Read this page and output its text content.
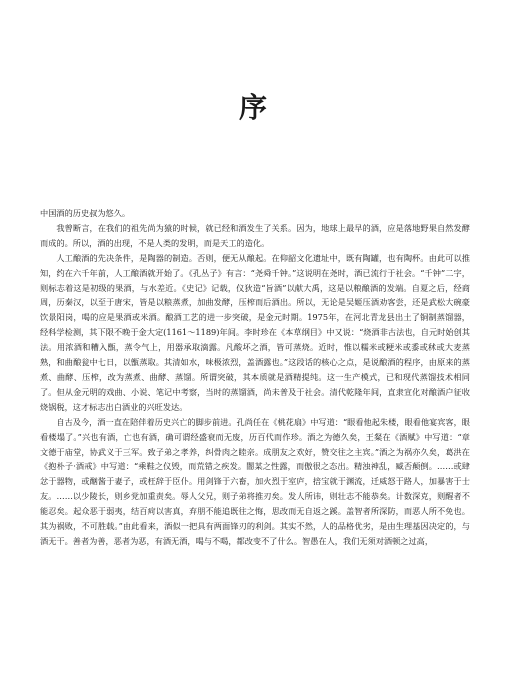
序

中国酒的历史叔为悠久。

我曾断言，在我们的祖先尚为猿的时候，就已经和酒发生了关系。因为，地球上最早的酒，应是落地野果自然发酵而成的。所以，酒的出现，不是人类的发明，而是天工的造化。

人工酿酒的先决条件，是陶器的制造。否则，便无从酿起。在仰韶文化遗址中，既有陶罐，也有陶杯。由此可以推知，约在六千年前，人工酿酒就开始了。《孔丛子》有言：“尧舜千钟。”这说明在尧时，酒已流行于社会。“千钟”二字，则标志着这是初级的果酒，与水差近。《史记》记载，仪狄造“旨酒”以献大禹，这是以粮酿酒的发端。自夏之后，经商周，历秦汉，以至于唐宋，皆是以粮蒸煮，加曲发酵，压榨而后酒出。所以，无论是吴姬压酒劝客尝，还是武松大碗豪饮景阳岗，喝的应是果酒或米酒。酿酒工艺的进一步突破，是金元时期。1975年，在河北青龙县出土了铜制蒸馏器，经科学检测，其下限不晚于金大定(1161～1189)年间。李时珍在《本草纲目》中又说：“烧酒非古法也，自元时始创其法。用浓酒和糟入甑，蒸令气上，用器承取滴露。凡酸坏之酒，皆可蒸烧。近时，惟以糯米或粳米或黍或秫或大麦蒸熟，和曲酿瓮中七日，以甑蒸取。其清如水，味极浓烈，盖酒露也。”这段话的核心之点，是说酿酒的程序，由原来的蒸煮、曲酵、压榨，改为蒸煮、曲酵、蒸馏。所谓突破，其本质就是酒精提纯。这一生产模式，已和现代蒸馏技术相同了。但从金元明的戏曲、小说、笔记中考察，当时的蒸馏酒，尚未普及于社会。清代乾隆年间，直隶宣化对酿酒户征收烧锅税，这才标志出白酒业的兴旺发达。

自古及今，酒一直在陪伴着历史兴亡的脚步前进。孔尚任在《桃花扇》中写道：“眼看他起朱楼，眼看他宴宾客，眼看楼塌了。”兴也有酒，亡也有酒，确可谓经盛衰而无废，历百代而作珍。酒之为德久矣，王粲在《酒赋》中写道：“章文德于庙堂，协武义于三军。致子弟之孝养，纠骨肉之睦亲。成朋友之欢好，赞交往之主宾。”酒之为祸亦久矣，葛洪在《抱朴子·酒戒》中写道：“乘鞋之仪毁，而荒错之疾发。闇某之性露，而傲很之态出。精浊神乱，臧否颠倒。……或肆忿于器物，或酗酱于妻子，或枉辞于臣仆。用剑锋于六畜，加火烈于室庐，掊宝就于渊流，迁威怒于路人，加暴害于士友。……以少陵长，则乡党加重责矣。辱人父兄，则子弟将推刃矣。发人所讳，则壮志不能恭矣。计数深克，则醒者不能忍矣。起众恶于弱夷，结百疴以害真，弃朋不能追既往之悔，思改而无自返之蹊。盖智者所深防，而恶人所不免也。其为祸败，不可胜载。”由此看来，酒似一把具有两面锋刃的利剑。其实不然，人的品格优劣，是由生理基因决定的，与酒无干。善者为善，恶者为恶，有酒无酒，喝与不喝，都改变不了什么。智愚在人，我们无须对酒顿之过高，
